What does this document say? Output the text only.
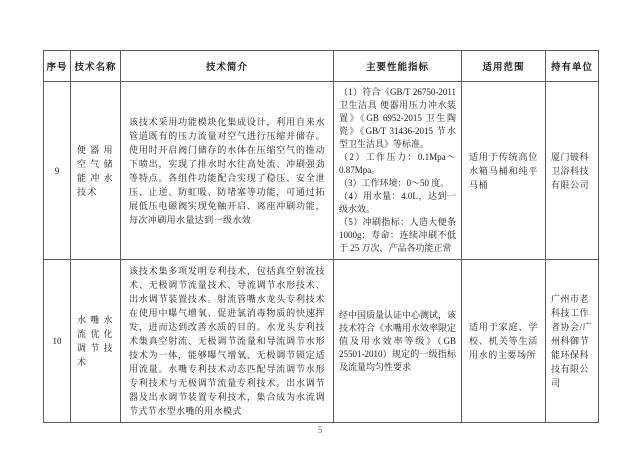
序号	技术名称	技术简介	主要性能指标	适用范围	持有单位
9	便器用空气储能冲水技术	该技术采用功能模块化集成设计，利用自来水管道既有的压力流量对空气进行压缩并储存。使用时开启阀门储存的水体在压缩空气的推动下喷出，实现了排水时水往高处流、冲刷强劲等特点。各组件功能配合实现了稳压、安全泄压、止逆、防虹吸、防堵塞等功能，可通过拓展低压电磁阀实现免触开启、离座冲刷功能，每次冲刷用水量达到一级水效	（1）符合《GB/T 26750-2011 卫生洁具 便器用压力冲水装置》《GB 6952-2015 卫生陶瓷》《GB/T 31436-2015 节水型卫生洁具》等标准。

（2）工作压力：0.1Mpa～0.87Mpa。

（3）工作环境：0～50 度。

（4）用水量：4.0L，达到一级水效。

（5）冲刷指标：人造大便条 1000g；寿命：连续冲刷不低于 25 万次，产品各功能正常	适用于传统高位水箱马桶和纯平马桶	厦门铍科卫浴科技有限公司
10	水嘴水流优化调节技术	该技术集多项发明专利技术，包括真空射流技术、无极调节流量技术、导流调节水形技术、出水调节装置技术。射流管嘴水龙头专利技术在使用中曝气增氧、促进氯消毒物质的快速挥发，进而达到改善水质的目的。水龙头专利技术集真空射流、无极调节流量和导流调节水形技术为一体，能够曝气增氧、无极调节锁定适用流量。水嘴专利技术动态匹配导流调节水形专利技术与无极调节流量专利技术。出水调节器及出水调节装置专利技术，集合成为水流调节式节水型水嘴的用水模式	经中国质量认证中心测试，该技术符合《水嘴用水效率限定值及用水效率等级》（GB 25501-2010）规定的一级指标及流量均匀性要求	适用于家庭、学校、机关等生活用水的主要场所	广州市老科技工作者协会/广州科御节能环保科技有限公司
5
